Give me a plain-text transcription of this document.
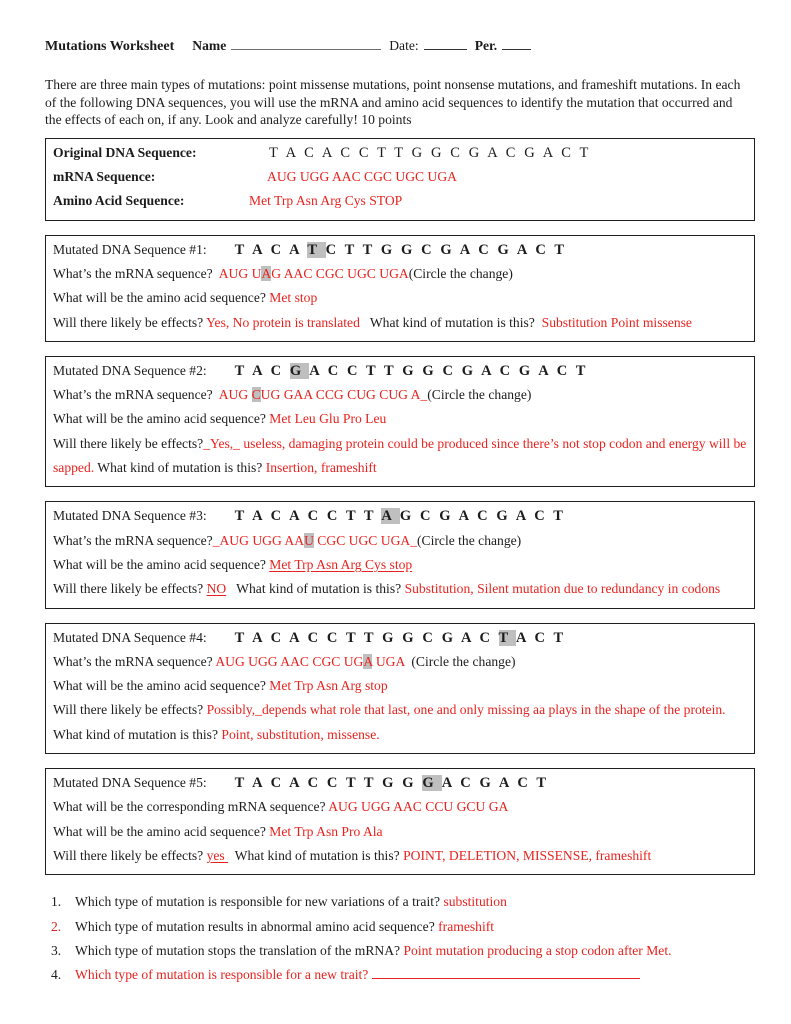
Mutations Worksheet Name	Date:	Per.
There are three main types of mutations: point missense mutations, point nonsense mutations, and frameshift mutations. In each of the following DNA sequences, you will use the mRNA and amino acid sequences to identify the mutation that occurred and the effects of each on, if any. Look and analyze carefully! 10 points
Original DNA Sequence:	T A C A C C T T G G C G A C G A C T
mRNA Sequence:	AUG UGG AAC CGC UGC UGA
Amino Acid Sequence:	Met Trp Asn Arg Cys STOP
Mutated DNA Sequence #1: T A C A T C T T G G C G A C G A C T
What’s the mRNA sequence?  AUG UAG AAC CGC UGC UGA(Circle the change)
What will be the amino acid sequence? Met stop
Will there likely be effects? Yes, No protein is translated   What kind of mutation is this?  Substitution Point missense
Mutated DNA Sequence #2: T A C G A C C T T G G C G A C G A C T
What’s the mRNA sequence?  AUG CUG GAA CCG CUG CUG A_(Circle the change)
What will be the amino acid sequence? Met Leu Glu Pro Leu
Will there likely be effects?_Yes,_ useless, damaging protein could be produced since there’s not stop codon and energy will be sapped. What kind of mutation is this? Insertion, frameshift
Mutated DNA Sequence #3: T A C A C C T T A G C G A C G A C T
What’s the mRNA sequence?_AUG UGG AAU CGC UGC UGA_(Circle the change)
What will be the amino acid sequence? Met Trp Asn Arg Cys stop
Will there likely be effects? NO   What kind of mutation is this? Substitution, Silent mutation due to redundancy in codons
Mutated DNA Sequence #4: T A C A C C T T G G C G A C T A C T
What’s the mRNA sequence? AUG UGG AAC CGC UGA UGA  (Circle the change)
What will be the amino acid sequence? Met Trp Asn Arg stop
Will there likely be effects? Possibly,_depends what role that last, one and only missing aa plays in the shape of the protein. What kind of mutation is this? Point, substitution, missense.
Mutated DNA Sequence #5: T A C A C C T T G G G A C G A C T
What will be the corresponding mRNA sequence? AUG UGG AAC CCU GCU GA
What will be the amino acid sequence? Met Trp Asn Pro Ala
Will there likely be effects? yes   What kind of mutation is this? POINT, DELETION, MISSENSE, frameshift
1.	Which type of mutation is responsible for new variations of a trait? substitution
2.	Which type of mutation results in abnormal amino acid sequence? frameshift
3.	Which type of mutation stops the translation of the mRNA? Point mutation producing a stop codon after Met.
4.	Which type of mutation is responsible for a new trait?
